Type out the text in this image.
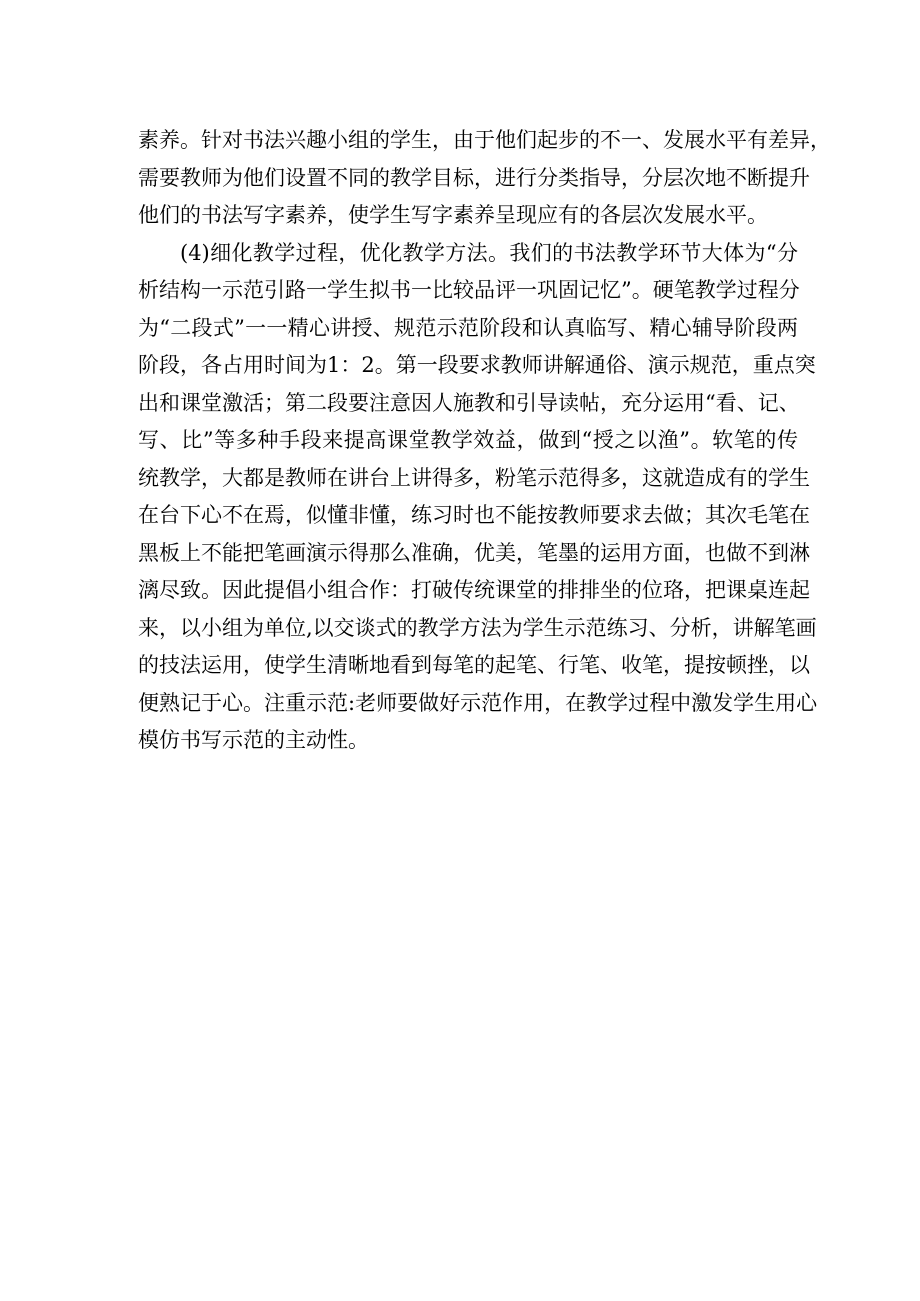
素养。针对书法兴趣小组的学生，由于他们起步的不一、发展水平有差异，
需要教师为他们设置不同的教学目标，进行分类指导，分层次地不断提升
他们的书法写字素养，使学生写字素养呈现应有的各层次发展水平。
(4)细化教学过程，优化教学方法。我们的书法教学环节大体为“分
析结构一示范引路一学生拟书一比较品评一巩固记忆”。硬笔教学过程分
为“二段式”一一精心讲授、规范示范阶段和认真临写、精心辅导阶段两
阶段，各占用时间为1：2。第一段要求教师讲解通俗、演示规范，重点突
出和课堂激活；第二段要注意因人施教和引导读帖，充分运用“看、记、
写、比”等多种手段来提高课堂教学效益，做到“授之以渔”。软笔的传
统教学，大都是教师在讲台上讲得多，粉笔示范得多，这就造成有的学生
在台下心不在焉，似懂非懂，练习时也不能按教师要求去做；其次毛笔在
黑板上不能把笔画演示得那么准确，优美，笔墨的运用方面，也做不到淋
漓尽致。因此提倡小组合作：打破传统课堂的排排坐的位珞，把课桌连起
来，以小组为单位,以交谈式的教学方法为学生示范练习、分析，讲解笔画
的技法运用，使学生清晰地看到每笔的起笔、行笔、收笔，提按顿挫，以
便熟记于心。注重示范:老师要做好示范作用，在教学过程中激发学生用心
模仿书写示范的主动性。
